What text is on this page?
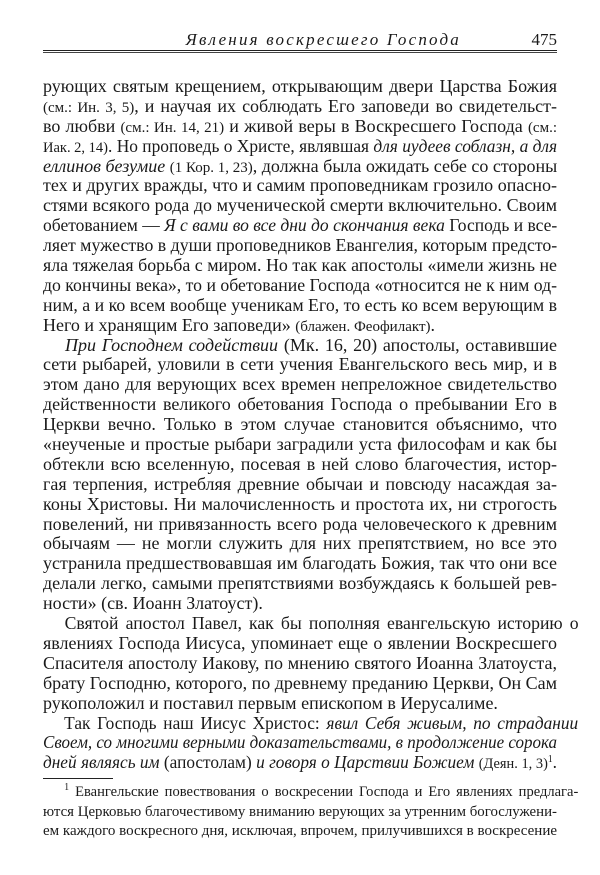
Явления воскресшего Господа	475
рующих святым крещением, открывающим двери Царства Божия
(см.: Ин. 3, 5), и научая их соблюдать Его заповеди во свидетельст-
во любви (см.: Ин. 14, 21) и живой веры в Воскресшего Господа (см.:
Иак. 2, 14). Но проповедь о Христе, являвшая для иудеев соблазн, а для
еллинов безумие (1 Кор. 1, 23), должна была ожидать себе со стороны
тех и других вражды, что и самим проповедникам грозило опасно-
стями всякого рода до мученической смерти включительно. Своим
обетованием — Я с вами во все дни до скончания века Господь и все-
ляет мужество в души проповедников Евангелия, которым предсто-
яла тяжелая борьба с миром. Но так как апостолы «имели жизнь не
до кончины века», то и обетование Господа «относится не к ним од-
ним, а и ко всем вообще ученикам Его, то есть ко всем верующим в
Него и хранящим Его заповеди» (блажен. Феофилакт).
При Господнем содействии (Мк. 16, 20) апостолы, оставившие
сети рыбарей, уловили в сети учения Евангельского весь мир, и в
этом дано для верующих всех времен непреложное свидетельство
действенности великого обетования Господа о пребывании Его в
Церкви вечно. Только в этом случае становится объяснимо, что
«неученые и простые рыбари заградили уста философам и как бы
обтекли всю вселенную, посевая в ней слово благочестия, истор-
гая терпения, истребляя древние обычаи и повсюду насаждая за-
коны Христовы. Ни малочисленность и простота их, ни строгость
повелений, ни привязанность всего рода человеческого к древним
обычаям — не могли служить для них препятствием, но все это
устранила предшествовавшая им благодать Божия, так что они все
делали легко, самыми препятствиями возбуждаясь к большей рев-
ности» (св. Иоанн Златоуст).
Святой апостол Павел, как бы пополняя евангельскую историю о
явлениях Господа Иисуса, упоминает еще о явлении Воскресшего
Спасителя апостолу Иакову, по мнению святого Иоанна Златоуста,
брату Господню, которого, по древнему преданию Церкви, Он Сам
рукоположил и поставил первым епископом в Иерусалиме.
Так Господь наш Иисус Христос: явил Себя живым, по страдании
Своем, со многими верными доказательствами, в продолжение сорока
дней являясь им (апостолам) и говоря о Царствии Божием (Деян. 1, 3)$^1$.
$^1$ Евангельские повествования о воскресении Господа и Его явлениях предлага-
ются Церковью благочестивому вниманию верующих за утренним богослужени-
ем каждого воскресного дня, исключая, впрочем, прилучившихся в воскресение
